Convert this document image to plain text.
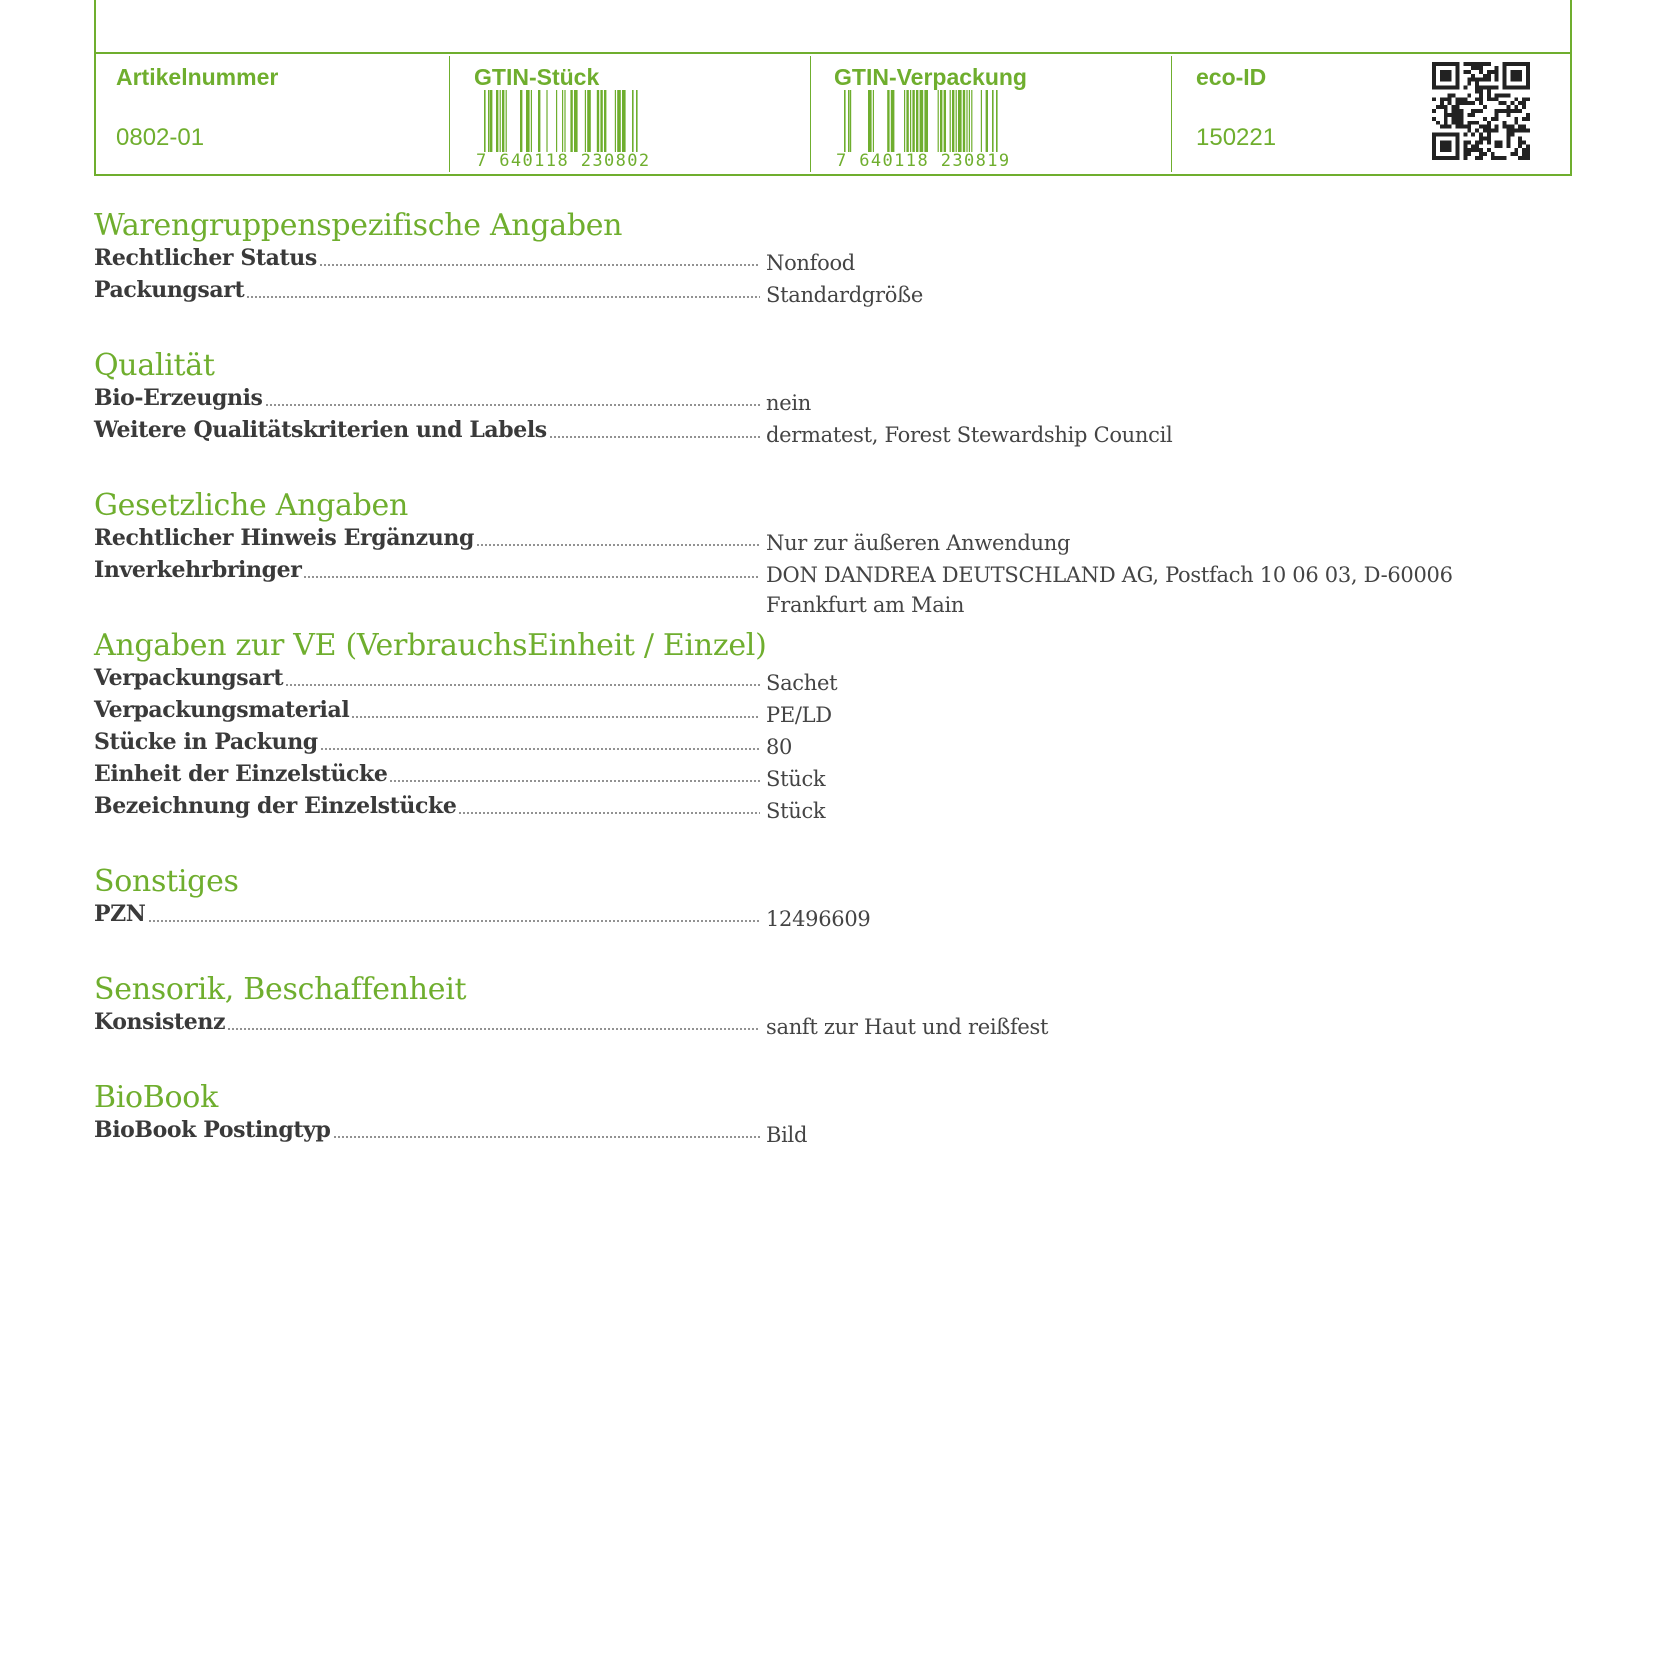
Artikelnummer
0802-01
GTIN-Stück
7 640118 230802
GTIN-Verpackung
7 640118 230819
eco-ID
150221
Warengruppenspezifische Angaben
Rechtlicher Status	Nonfood
Packungsart	Standardgröße
Qualität
Bio-Erzeugnis	nein
Weitere Qualitätskriterien und Labels	dermatest, Forest Stewardship Council
Gesetzliche Angaben
Rechtlicher Hinweis Ergänzung	Nur zur äußeren Anwendung
Inverkehrbringer	DON DANDREA DEUTSCHLAND AG, Postfach 10 06 03, D-60006 Frankfurt am Main
Angaben zur VE (VerbrauchsEinheit / Einzel)
Verpackungsart	Sachet
Verpackungsmaterial	PE/LD
Stücke in Packung	80
Einheit der Einzelstücke	Stück
Bezeichnung der Einzelstücke	Stück
Sonstiges
PZN	12496609
Sensorik, Beschaffenheit
Konsistenz	sanft zur Haut und reißfest
BioBook
BioBook Postingtyp	Bild
